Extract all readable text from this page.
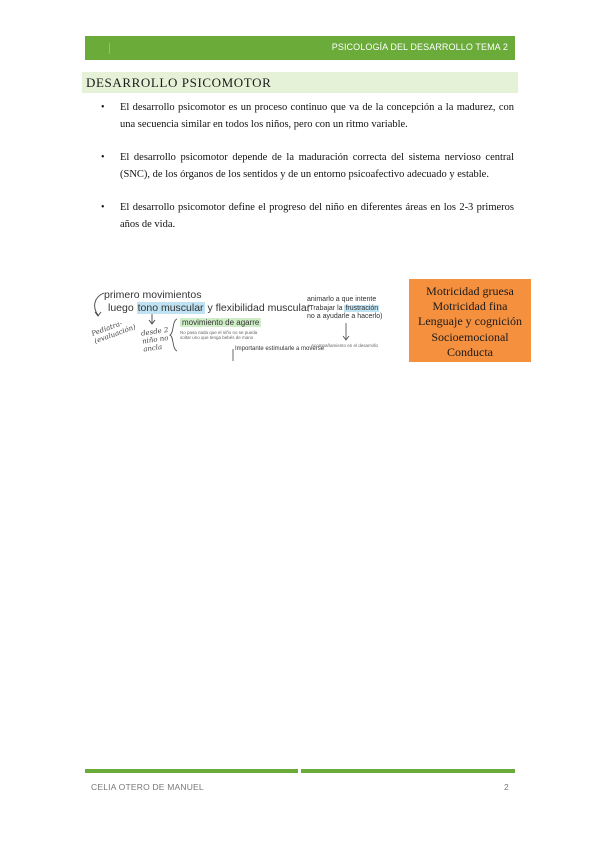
PSICOLOGÍA DEL DESARROLLO TEMA 2
DESARROLLO PSICOMOTOR
• El desarrollo psicomotor es un proceso continuo que va de la concepción a la madurez, con una secuencia similar en todos los niños, pero con un ritmo variable.
• El desarrollo psicomotor depende de la maduración correcta del sistema nervioso central (SNC), de los órganos de los sentidos y de un entorno psicoafectivo adecuado y estable.
• El desarrollo psicomotor define el progreso del niño en diferentes áreas en los 2-3 primeros años de vida.
primero movimientos
luego tono muscular y flexibilidad muscular
Pediatra-(evaluación) desde 2 niño no ancla
movimiento de agarre
No pasa nada que el niño no se pueda soltar uno que tenga bebés de mano
Importante estimularle a moverse
animarlo a que intente
(Trabajar la frustración
no a ayudarle a hacerlo)
Acompañamiento en el desarrollo
Motricidad gruesa
Motricidad fina
Lenguaje y cognición
Socioemocional
Conducta
CELIA OTERO DE MANUEL	2
